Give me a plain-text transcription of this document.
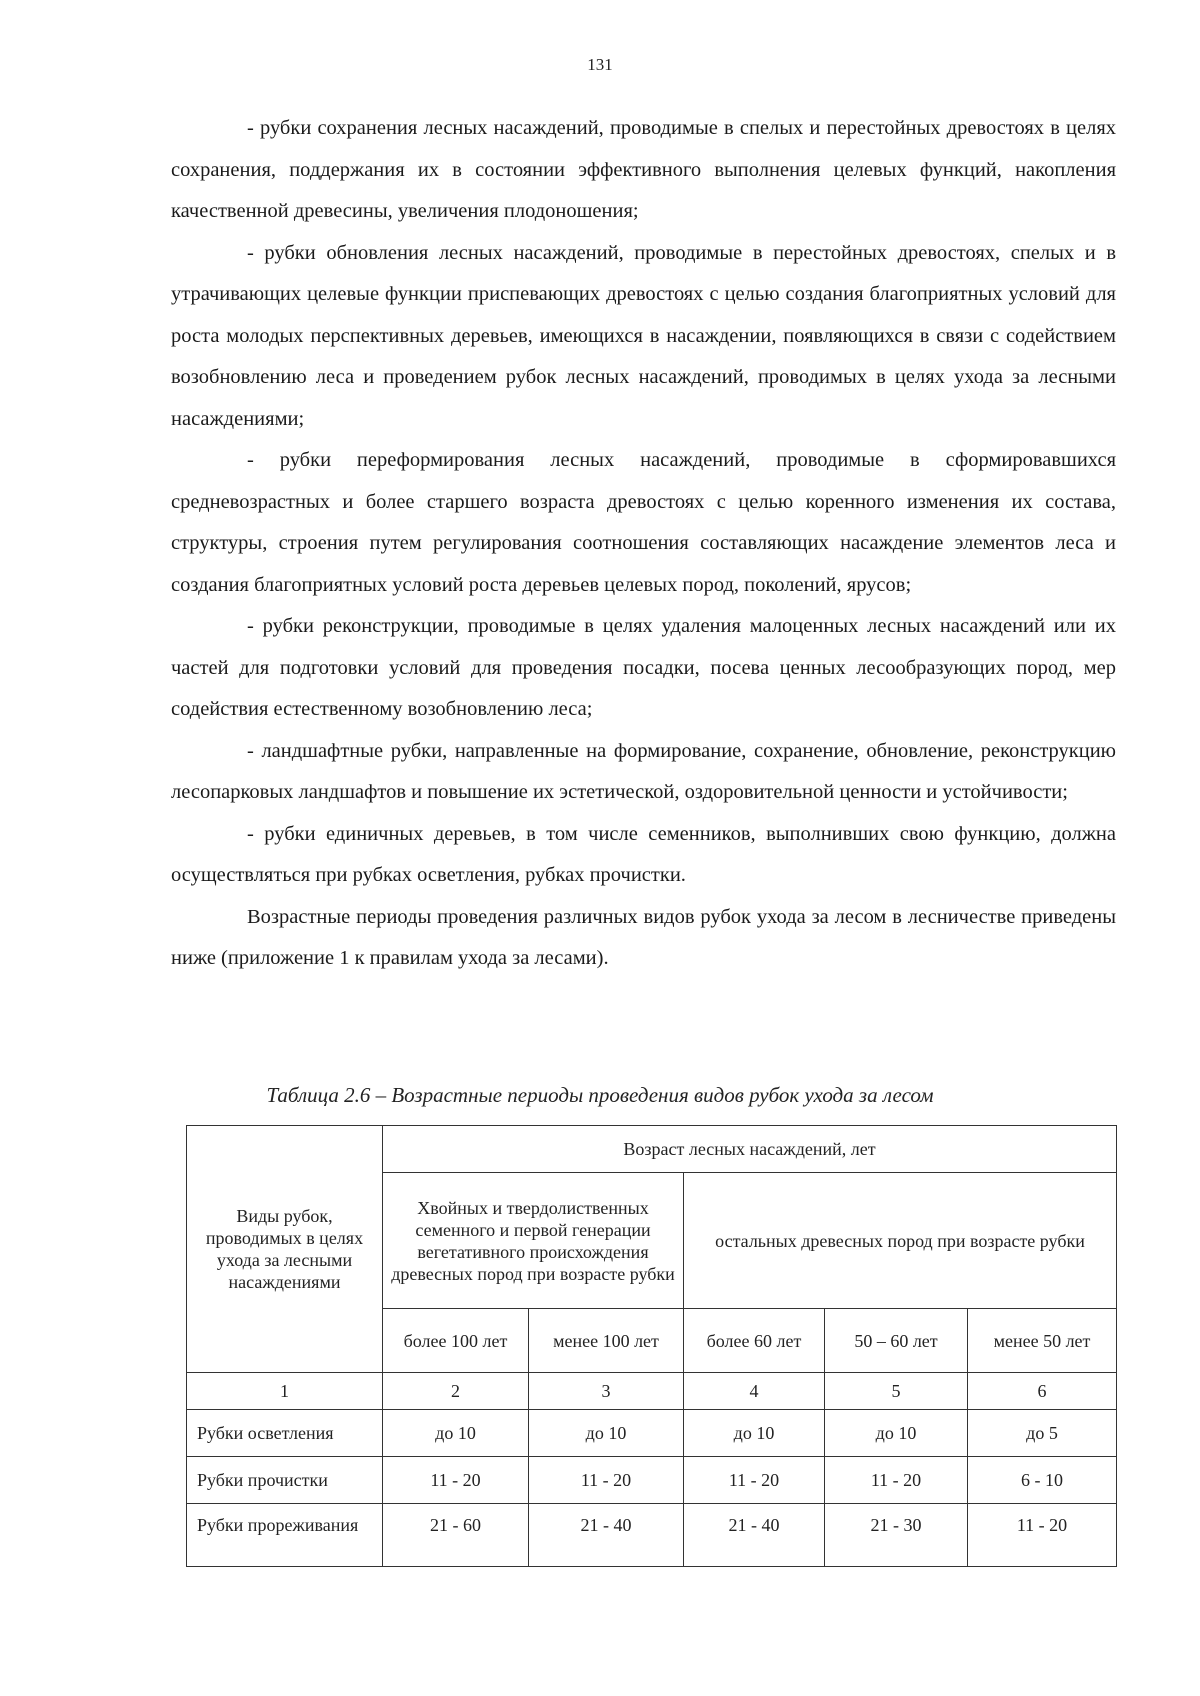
131

- рубки сохранения лесных насаждений, проводимые в спелых и перестойных древостоях в целях сохранения, поддержания их в состоянии эффективного выполнения целевых функций, накопления качественной древесины, увеличения плодоношения;

- рубки обновления лесных насаждений, проводимые в перестойных древостоях, спелых и в утрачивающих целевые функции приспевающих древостоях с целью создания благоприятных условий для роста молодых перспективных деревьев, имеющихся в насаждении, появляющихся в связи с содействием возобновлению леса и проведением рубок лесных насаждений, проводимых в целях ухода за лесными насаждениями;

- рубки переформирования лесных насаждений, проводимые в сформировавшихся средневозрастных и более старшего возраста древостоях с целью коренного изменения их состава, структуры, строения путем регулирования соотношения составляющих насаждение элементов леса и создания благоприятных условий роста деревьев целевых пород, поколений, ярусов;

- рубки реконструкции, проводимые в целях удаления малоценных лесных насаждений или их частей для подготовки условий для проведения посадки, посева ценных лесообразующих пород, мер содействия естественному возобновлению леса;

- ландшафтные рубки, направленные на формирование, сохранение, обновление, реконструкцию лесопарковых ландшафтов и повышение их эстетической, оздоровительной ценности и устойчивости;

- рубки единичных деревьев, в том числе семенников, выполнивших свою функцию, должна осуществляться при рубках осветления, рубках прочистки.

Возрастные периоды проведения различных видов рубок ухода за лесом в лесничестве приведены ниже (приложение 1 к правилам ухода за лесами).

Таблица 2.6 – Возрастные периоды проведения видов рубок ухода за лесом
Виды рубок, проводимых в целях ухода за лесными насаждениями	Возраст лесных насаждений, лет				
	Хвойных и твердолиственных семенного и первой генерации вегетативного происхождения древесных пород при возрасте рубки		остальных древесных пород при возрасте рубки		
	более 100 лет	менее 100 лет	более 60 лет	50 – 60 лет	менее 50 лет
1	2	3	4	5	6
Рубки осветления	до 10	до 10	до 10	до 10	до 5
Рубки прочистки	11 - 20	11 - 20	11 - 20	11 - 20	6 - 10
Рубки прореживания	21 - 60	21 - 40	21 - 40	21 - 30	11 - 20
